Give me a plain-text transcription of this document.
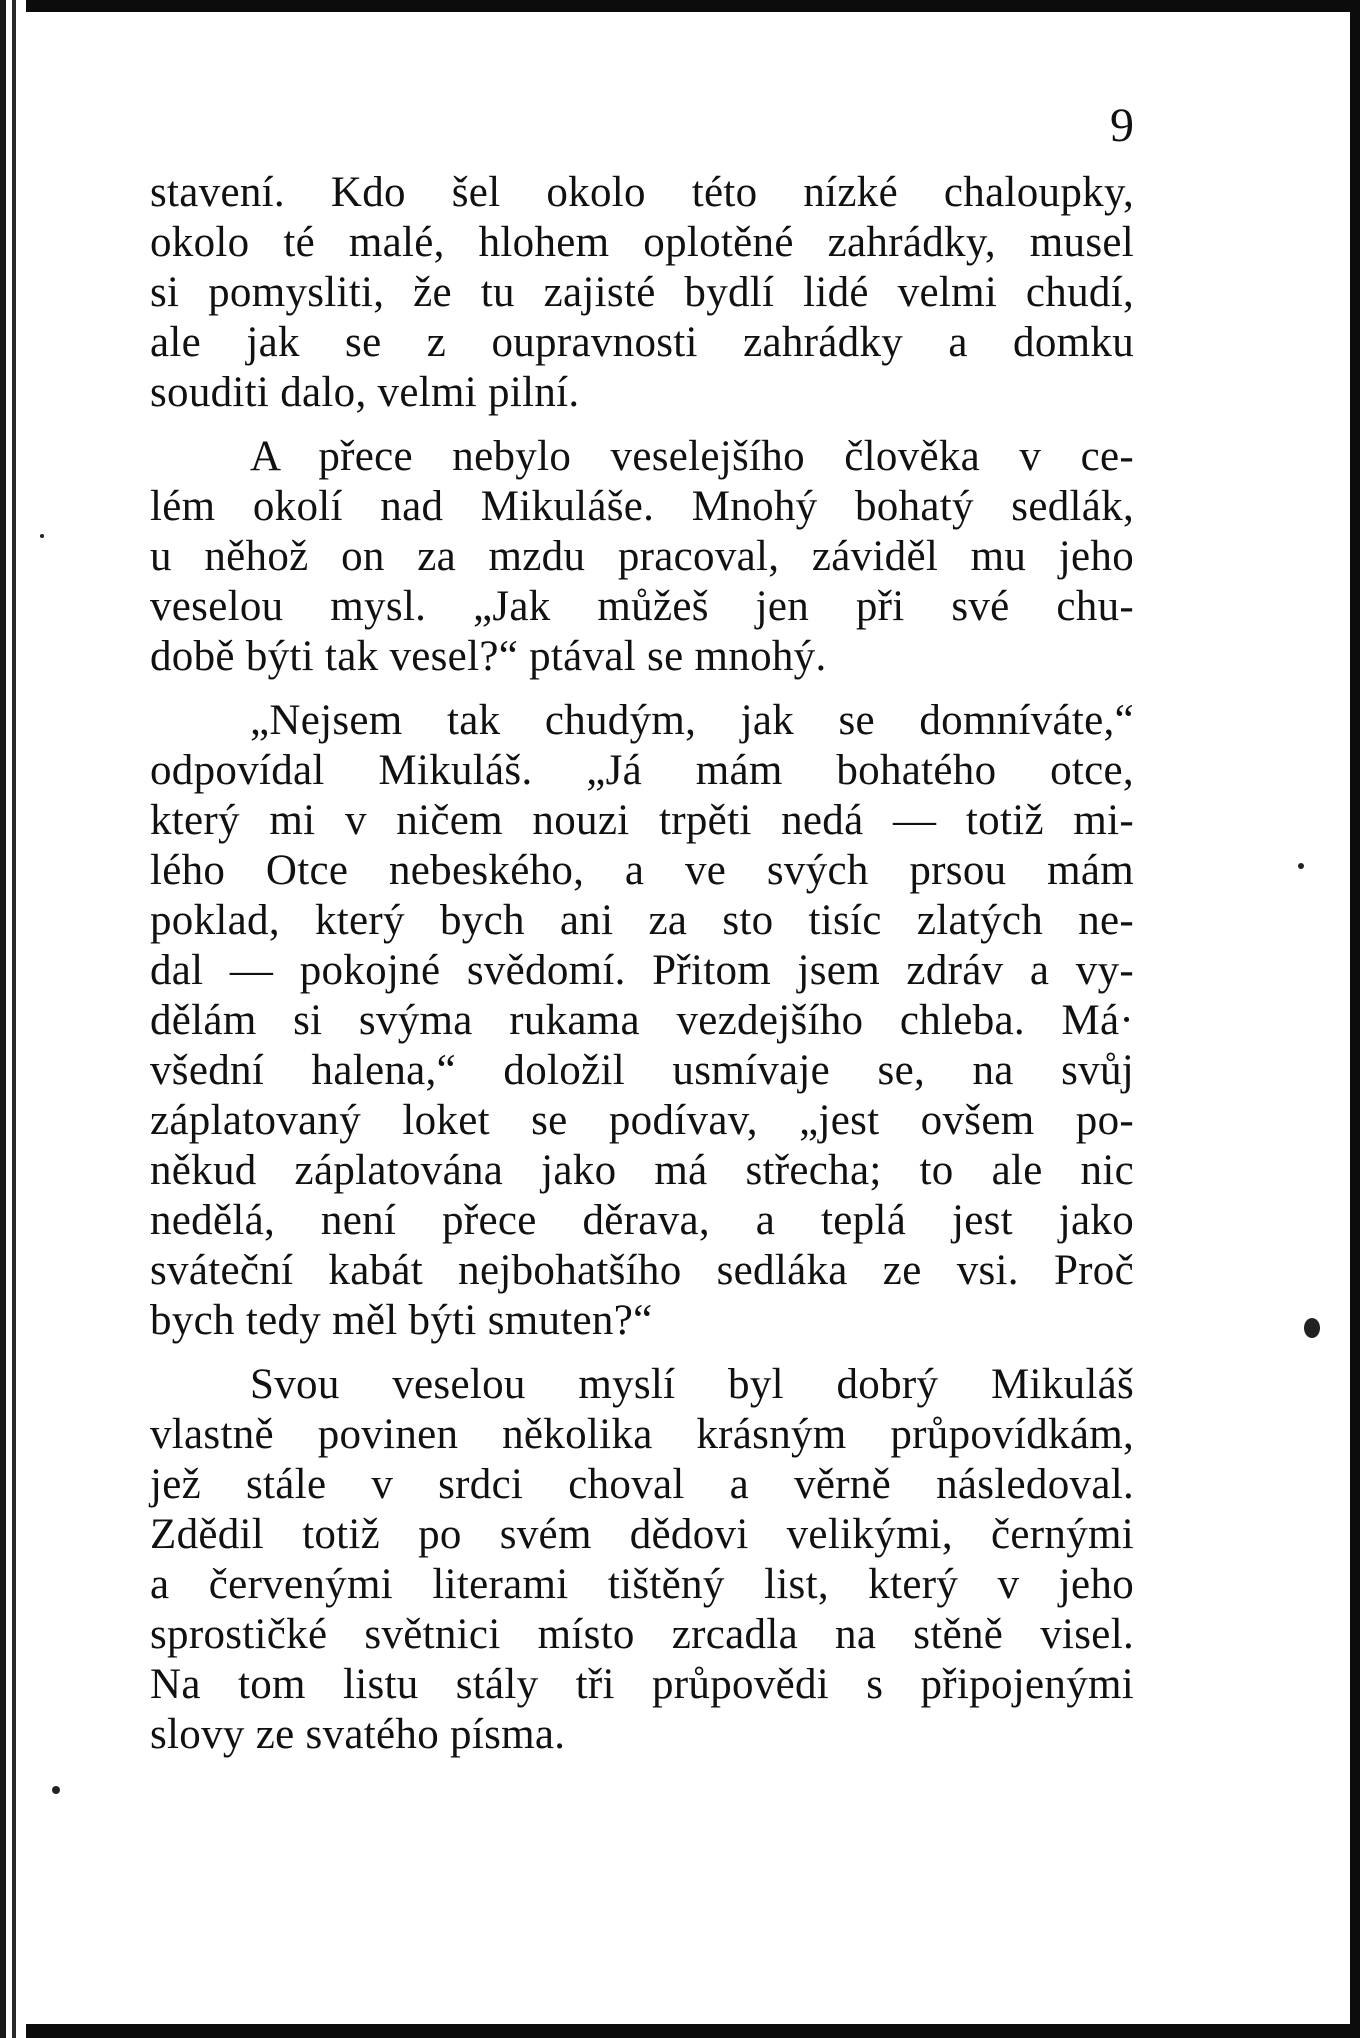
9
stavení. Kdo šel okolo této nízké chaloupky,
okolo té malé, hlohem oplotěné zahrádky, musel
si pomysliti, že tu zajisté bydlí lidé velmi chudí,
ale jak se z oupravnosti zahrádky a domku
souditi dalo, velmi pilní.
A přece nebylo veselejšího člověka v ce-
lém okolí nad Mikuláše. Mnohý bohatý sedlák,
u něhož on za mzdu pracoval, záviděl mu jeho
veselou mysl. „Jak můžeš jen při své chu-
době býti tak vesel?“ ptával se mnohý.
„Nejsem tak chudým, jak se domníváte,“
odpovídal Mikuláš. „Já mám bohatého otce,
který mi v ničem nouzi trpěti nedá — totiž mi-
lého Otce nebeského, a ve svých prsou mám
poklad, který bych ani za sto tisíc zlatých ne-
dal — pokojné svědomí. Přitom jsem zdráv a vy-
dělám si svýma rukama vezdejšího chleba. Má·
všední halena,“ doložil usmívaje se, na svůj
záplatovaný loket se podívav, „jest ovšem po-
někud záplatována jako má střecha; to ale nic
nedělá, není přece děrava, a teplá jest jako
sváteční kabát nejbohatšího sedláka ze vsi. Proč
bych tedy měl býti smuten?“
Svou veselou myslí byl dobrý Mikuláš
vlastně povinen několika krásným průpovídkám,
jež stále v srdci choval a věrně následoval.
Zdědil totiž po svém dědovi velikými, černými
a červenými literami tištěný list, který v jeho
sprostičké světnici místo zrcadla na stěně visel.
Na tom listu stály tři průpovědi s připojenými
slovy ze svatého písma.
